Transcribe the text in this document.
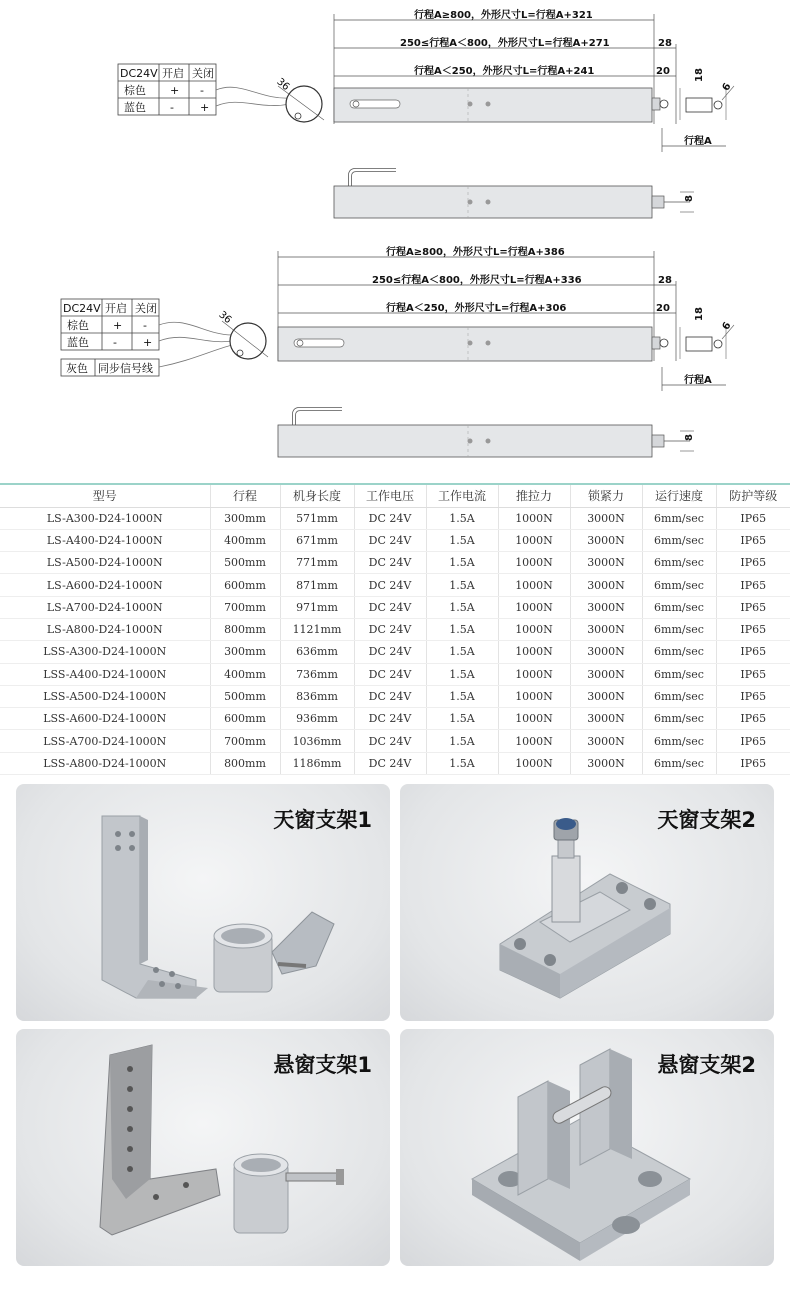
DC24V 开启 关闭
棕色 + -
蓝色 - +
36
行程A≥800，外形尺寸L=行程A+321
250≤行程A＜800，外形尺寸L=行程A+271
行程A＜250，外形尺寸L=行程A+241
28
20 18
6
行程A
8
DC24V 开启 关闭
棕色 + -
蓝色 - +
灰色 同步信号线
36
行程A≥800，外形尺寸L=行程A+386
250≤行程A＜800，外形尺寸L=行程A+336
行程A＜250，外形尺寸L=行程A+306
28
20 18
6
行程A
8
型号	行程	机身长度	工作电压	工作电流	推拉力	锁紧力	运行速度	防护等级
LS-A300-D24-1000N	300mm	571mm	DC 24V	1.5A	1000N	3000N	6mm/sec	IP65
LS-A400-D24-1000N	400mm	671mm	DC 24V	1.5A	1000N	3000N	6mm/sec	IP65
LS-A500-D24-1000N	500mm	771mm	DC 24V	1.5A	1000N	3000N	6mm/sec	IP65
LS-A600-D24-1000N	600mm	871mm	DC 24V	1.5A	1000N	3000N	6mm/sec	IP65
LS-A700-D24-1000N	700mm	971mm	DC 24V	1.5A	1000N	3000N	6mm/sec	IP65
LS-A800-D24-1000N	800mm	1121mm	DC 24V	1.5A	1000N	3000N	6mm/sec	IP65
LSS-A300-D24-1000N	300mm	636mm	DC 24V	1.5A	1000N	3000N	6mm/sec	IP65
LSS-A400-D24-1000N	400mm	736mm	DC 24V	1.5A	1000N	3000N	6mm/sec	IP65
LSS-A500-D24-1000N	500mm	836mm	DC 24V	1.5A	1000N	3000N	6mm/sec	IP65
LSS-A600-D24-1000N	600mm	936mm	DC 24V	1.5A	1000N	3000N	6mm/sec	IP65
LSS-A700-D24-1000N	700mm	1036mm	DC 24V	1.5A	1000N	3000N	6mm/sec	IP65
LSS-A800-D24-1000N	800mm	1186mm	DC 24V	1.5A	1000N	3000N	6mm/sec	IP65
天窗支架1	天窗支架2
悬窗支架1	悬窗支架2
